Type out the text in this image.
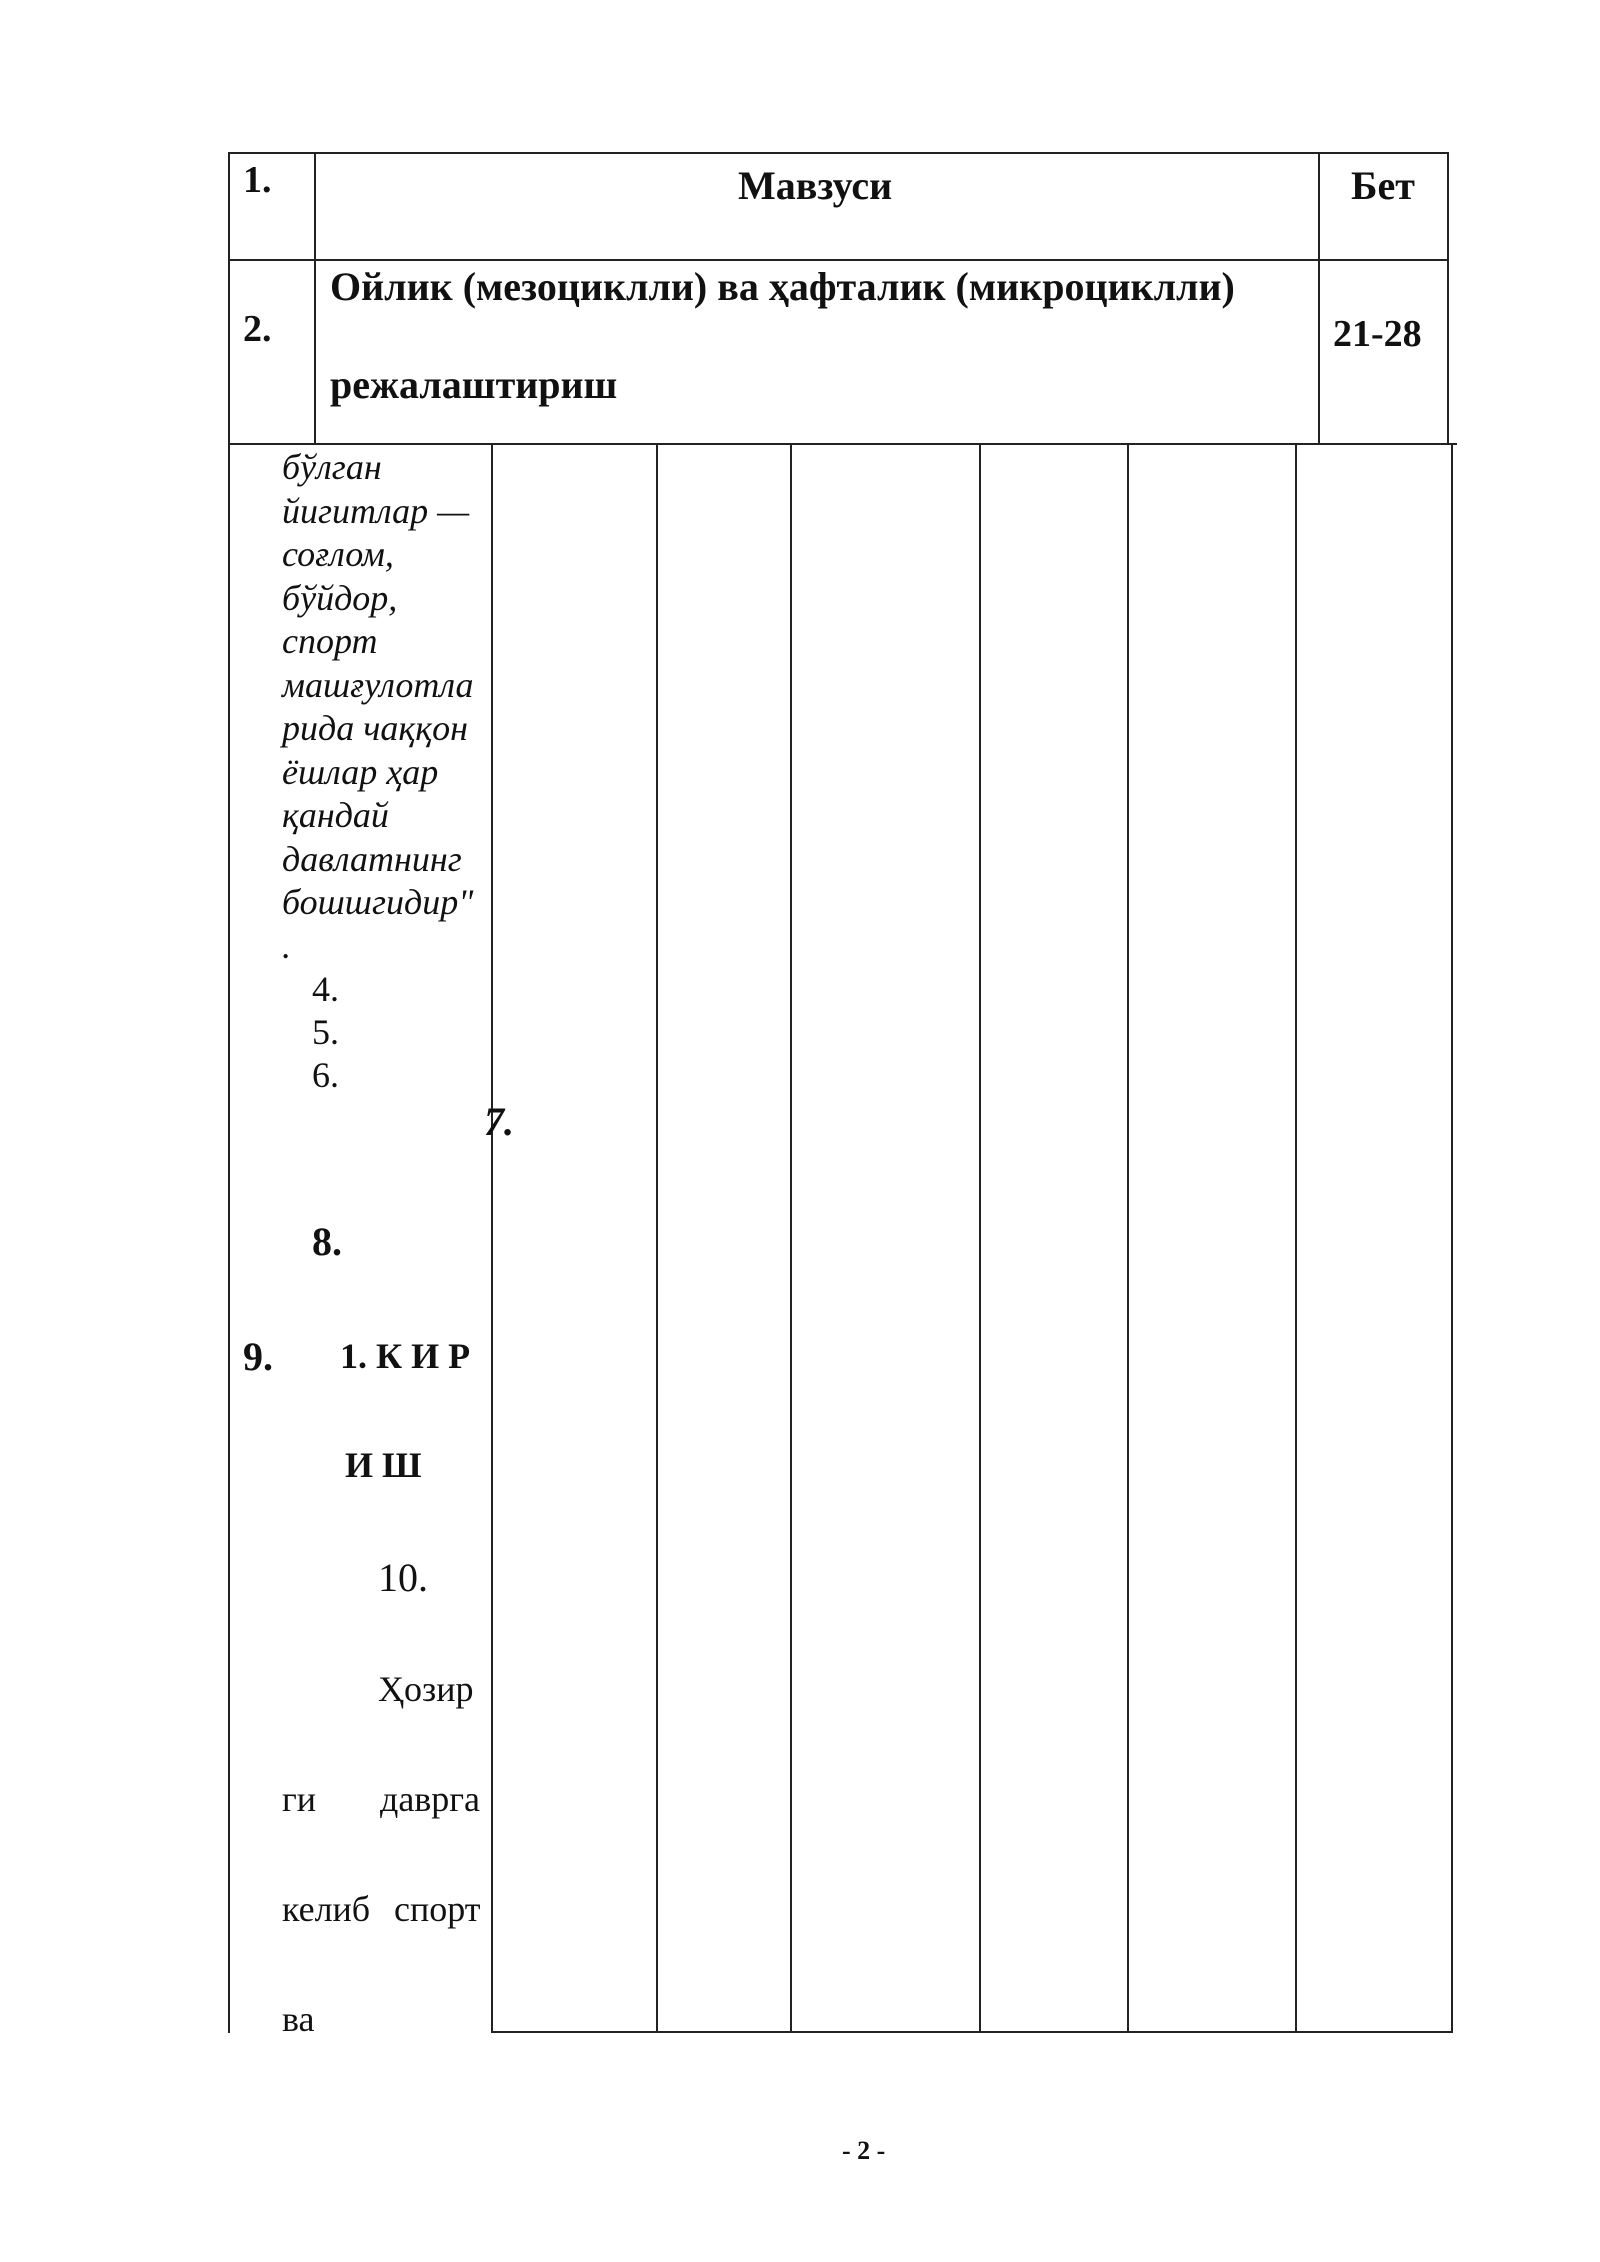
1.	Мавзуси	Бет
2.
Ойлик (мезоциклли) ва ҳафталик (микроциклли)
режалаштириш
21-28
бўлган
йигитлар —
соғлом,
бўйдор,
спорт
машғулотла
рида чаққон
ёшлар ҳар
қандай
давлатнинг
бошшгидир"
.
4.
5.
6.
7.
8.
9. 1. К И Р
И Ш
10.
Ҳозир
ги даврга
келиб спорт
ва
- 2 -
